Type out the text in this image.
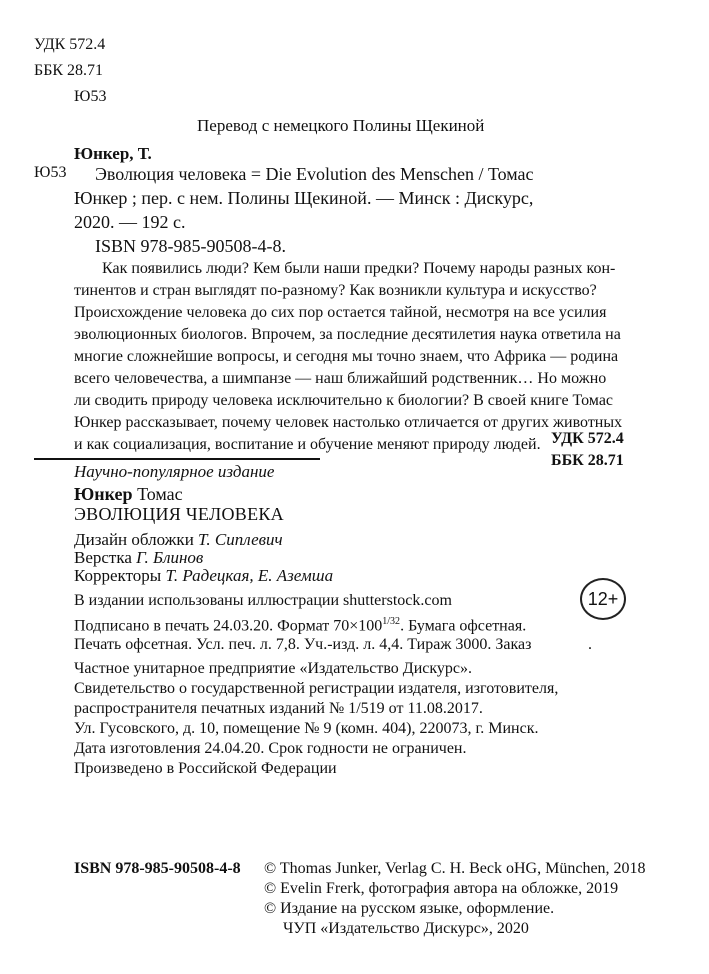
УДК 572.4
ББК 28.71
Ю53
Перевод с немецкого Полины Щекиной
Юнкер, Т.
Ю53 Эволюция человека = Die Evolution des Menschen / Томас
Юнкер ; пер. с нем. Полины Щекиной. — Минск : Дискурс,
2020. — 192 с.
ISBN 978-985-90508-4-8.
Как появились люди? Кем были наши предки? Почему народы разных кон-
тинентов и стран выглядят по-разному? Как возникли культура и искусство?
Происхождение человека до сих пор остается тайной, несмотря на все усилия
эволюционных биологов. Впрочем, за последние десятилетия наука ответила на
многие сложнейшие вопросы, и сегодня мы точно знаем, что Африка — родина
всего человечества, а шимпанзе — наш ближайший родственник… Но можно
ли сводить природу человека исключительно к биологии? В своей книге Томас
Юнкер рассказывает, почему человек настолько отличается от других животных
и как социализация, воспитание и обучение меняют природу людей. УДК 572.4
ББК 28.71
Научно-популярное издание
Юнкер Томас
ЭВОЛЮЦИЯ ЧЕЛОВЕКА
Дизайн обложки Т. Сиплевич
Верстка Г. Блинов
Корректоры Т. Радецкая, Е. Аземша
12+
В издании использованы иллюстрации shutterstock.com
Подписано в печать 24.03.20. Формат $70\times 100^{1/32}$. Бумага офсетная.
Печать офсетная. Усл. печ. л. 7,8. Уч.-изд. л. 4,4. Тираж 3000. Заказ	.
Частное унитарное предприятие «Издательство Дискурс».
Свидетельство о государственной регистрации издателя, изготовителя,
распространителя печатных изданий № 1/519 от 11.08.2017.
Ул. Гусовского, д. 10, помещение № 9 (комн. 404), 220073, г. Минск.
Дата изготовления 24.04.20. Срок годности не ограничен.
Произведено в Российской Федерации
ISBN 978-985-90508-4-8 © Thomas Junker, Verlag C. H. Beck oHG, München, 2018
© Evelin Frerk, фотография автора на обложке, 2019
© Издание на русском языке, оформление.
ЧУП «Издательство Дискурс», 2020
